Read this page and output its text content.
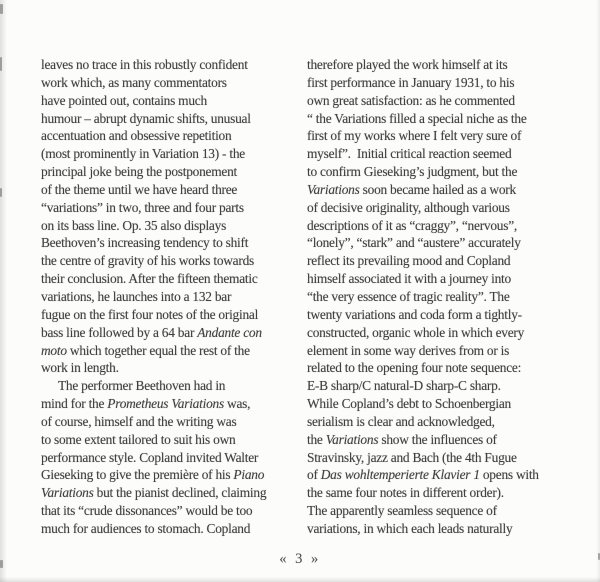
leaves no trace in this robustly confident
work which, as many commentators
have pointed out, contains much
humour – abrupt dynamic shifts, unusual
accentuation and obsessive repetition
(most prominently in Variation 13) - the
principal joke being the postponement
of the theme until we have heard three
“variations” in two, three and four parts
on its bass line. Op. 35 also displays
Beethoven’s increasing tendency to shift
the centre of gravity of his works towards
their conclusion. After the fifteen thematic
variations, he launches into a 132 bar
fugue on the first four notes of the original
bass line followed by a 64 bar Andante con
moto which together equal the rest of the
work in length.
The performer Beethoven had in
mind for the Prometheus Variations was,
of course, himself and the writing was
to some extent tailored to suit his own
performance style. Copland invited Walter
Gieseking to give the première of his Piano
Variations but the pianist declined, claiming
that its “crude dissonances” would be too
much for audiences to stomach. Copland
therefore played the work himself at its
first performance in January 1931, to his
own great satisfaction: as he commented
“ the Variations filled a special niche as the
first of my works where I felt very sure of
myself”.  Initial critical reaction seemed
to confirm Gieseking’s judgment, but the
Variations soon became hailed as a work
of decisive originality, although various
descriptions of it as “craggy”, “nervous”,
“lonely”, “stark” and “austere” accurately
reflect its prevailing mood and Copland
himself associated it with a journey into
“the very essence of tragic reality”. The
twenty variations and coda form a tightly-
constructed, organic whole in which every
element in some way derives from or is
related to the opening four note sequence:
E-B sharp/C natural-D sharp-C sharp.
While Copland’s debt to Schoenbergian
serialism is clear and acknowledged,
the Variations show the influences of
Stravinsky, jazz and Bach (the 4th Fugue
of Das wohltemperierte Klavier 1 opens with
the same four notes in different order).
The apparently seamless sequence of
variations, in which each leads naturally
« 3 »
